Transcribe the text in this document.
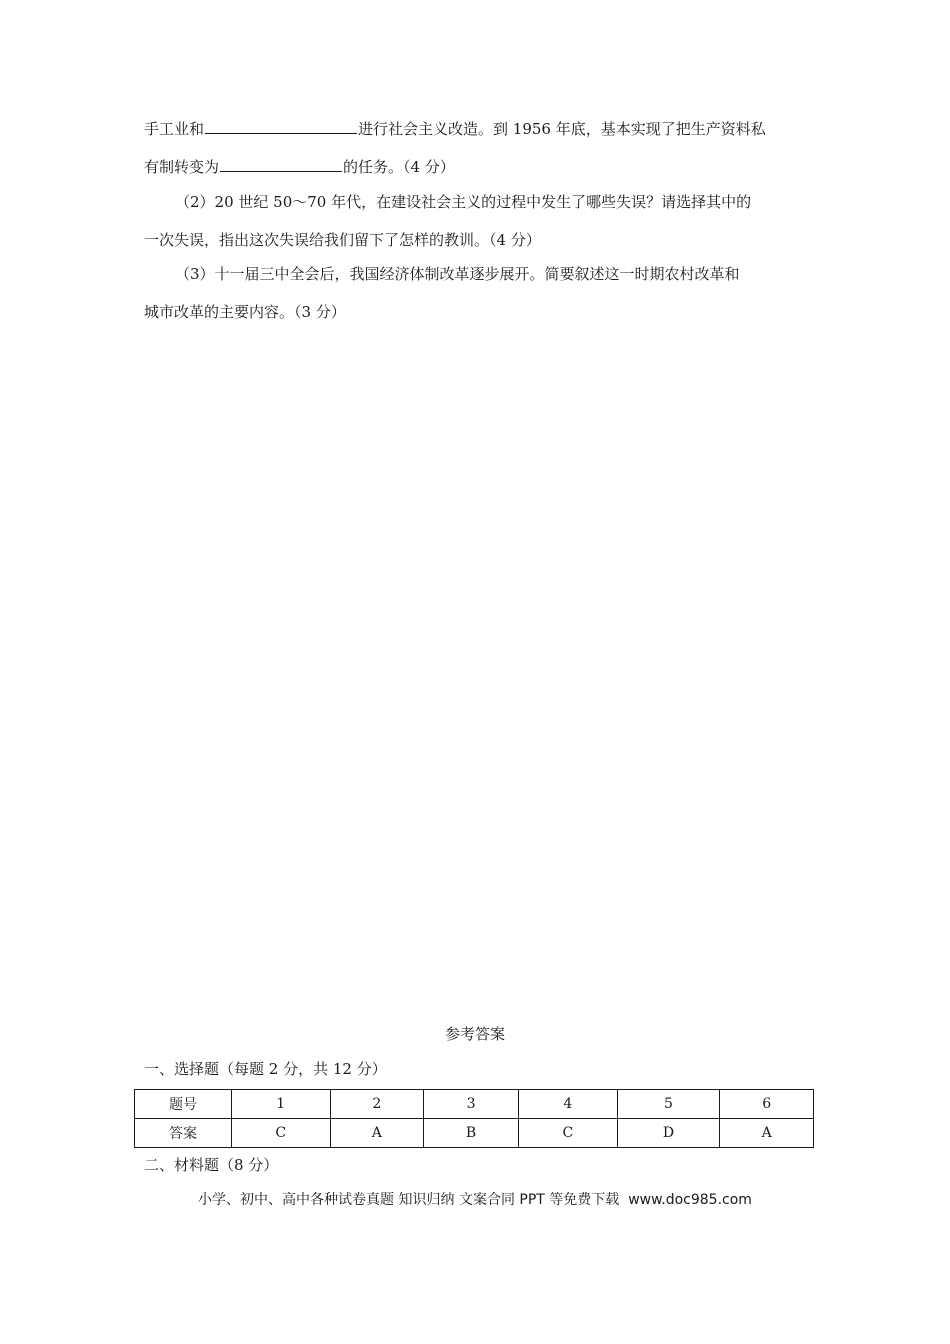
手工业和	进行社会主义改造。到 1956 年底，基本实现了把生产资料私
有制转变为	的任务。（4 分）
（2）20 世纪 50～70 年代，在建设社会主义的过程中发生了哪些失误？请选择其中的
一次失误，指出这次失误给我们留下了怎样的教训。（4 分）
（3）十一届三中全会后，我国经济体制改革逐步展开。简要叙述这一时期农村改革和
城市改革的主要内容。（3 分）
参考答案
一、选择题（每题 2 分，共 12 分）
题号	1	2	3	4	5	6
答案	C	A	B	C	D	A
二、材料题（8 分）
小学、初中、高中各种试卷真题 知识归纳 文案合同 PPT 等免费下载 www.doc985.com
